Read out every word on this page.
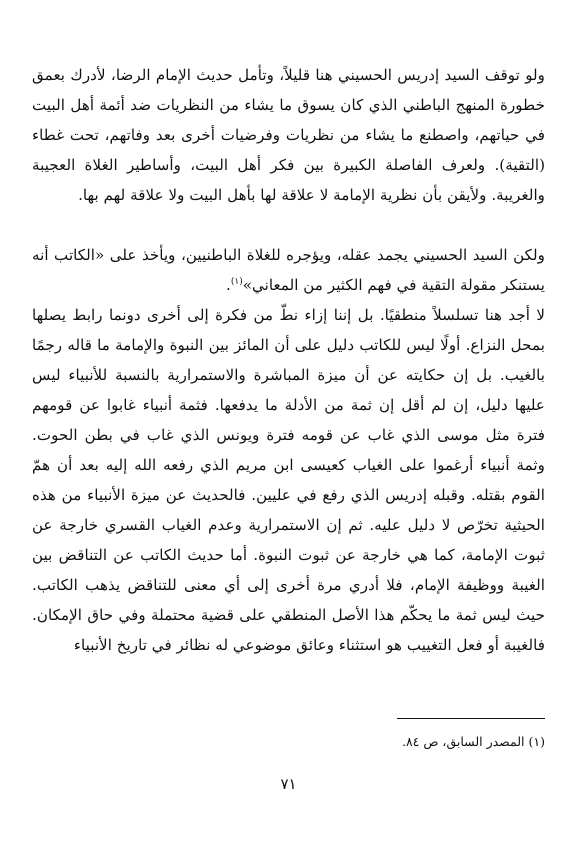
ولو توقف السيد إدريس الحسيني هنا قليلاً، وتأمل حديث الإمام الرضا، لأدرك بعمق خطورة المنهج الباطني الذي كان يسوق ما يشاء من النظريات ضد أئمة أهل البيت في حياتهم، واصطنع ما يشاء من نظريات وفرضيات أخرى بعد وفاتهم، تحت غطاء (التقية). ولعرف الفاصلة الكبيرة بين فكر أهل البيت، وأساطير الغلاة العجيبة والغريبة. ولأيقن بأن نظرية الإمامة لا علاقة لها بأهل البيت ولا علاقة لهم بها.
ولكن السيد الحسيني يجمد عقله، ويؤجره للغلاة الباطنيين، ويأخذ على «الكاتب أنه يستنكر مقولة التقية في فهم الكثير من المعاني»$^{(١)}$.
لا أجد هنا تسلسلاً منطقيًا. بل إننا إزاء نطّ من فكرة إلى أخرى دونما رابط يصلها بمحل النزاع. أولًا ليس للكاتب دليل على أن المائز بين النبوة والإمامة ما قاله رجمًا بالغيب. بل إن حكايته عن أن ميزة المباشرة والاستمرارية بالنسبة للأنبياء ليس عليها دليل، إن لم أقل إن ثمة من الأدلة ما يدفعها. فثمة أنبياء غابوا عن قومهم فترة مثل موسى الذي غاب عن قومه فترة ويونس الذي غاب في بطن الحوت. وثمة أنبياء أرغموا على الغياب كعيسى ابن مريم الذي رفعه الله إليه بعد أن همّ القوم بقتله. وقبله إدريس الذي رفع في عليين. فالحديث عن ميزة الأنبياء من هذه الحيثية تخرّص لا دليل عليه. ثم إن الاستمرارية وعدم الغياب القسري خارجة عن ثبوت الإمامة، كما هي خارجة عن ثبوت النبوة. أما حديث الكاتب عن التناقض بين الغيبة ووظيفة الإمام، فلا أدري مرة أخرى إلى أي معنى للتناقض يذهب الكاتب. حيث ليس ثمة ما يحكّم هذا الأصل المنطقي على قضية محتملة وفي حاق الإمكان. فالغيبة أو فعل التغييب هو استثناء وعائق موضوعي له نظائر في تاريخ الأنبياء
(١) المصدر السابق، ص ٨٤.
٧١
